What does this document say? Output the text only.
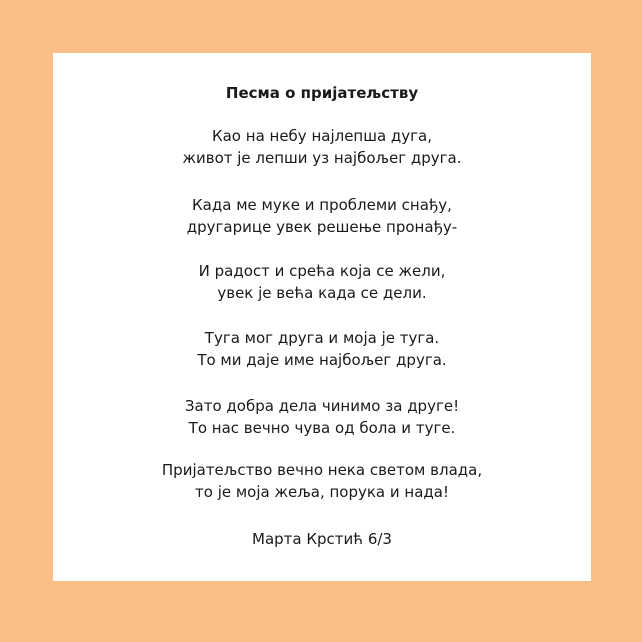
Песма о пријатељству

Као на небу најлепша дуга,
живот је лепши уз најбољег друга.

Када ме муке и проблеми снађу,
другарице увек решење пронађу-

И радост и срећа која се жели,
увек је већа када се дели.

Туга мог друга и моја је туга.
То ми даје име најбољег друга.

Зато добра дела чинимо за друге!
То нас вечно чува од бола и туге.

Пријатељство вечно нека светом влада,
то је моја жеља, порука и нада!

Марта Крстић 6/3
